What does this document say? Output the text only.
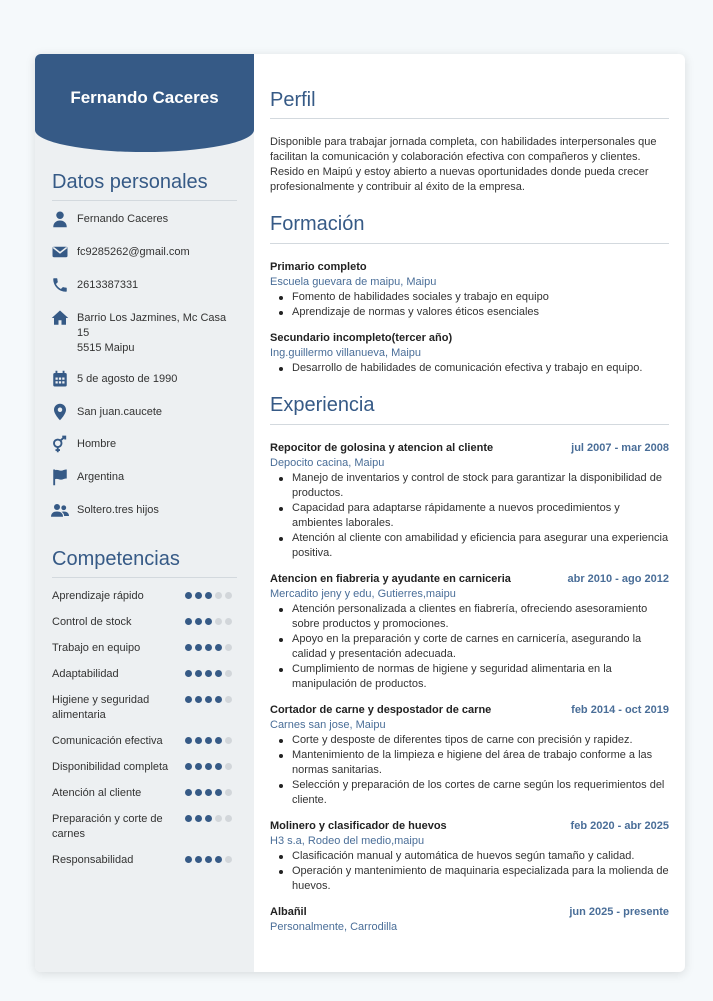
Fernando Caceres
Datos personales
Fernando Caceres
fc9285262@gmail.com
2613387331
Barrio Los Jazmines, Mc Casa 15
5515 Maipu
5 de agosto de 1990
San juan.caucete
Hombre
Argentina
Soltero.tres hijos
Competencias
Aprendizaje rápido
Control de stock
Trabajo en equipo
Adaptabilidad
Higiene y seguridad alimentaria
Comunicación efectiva
Disponibilidad completa
Atención al cliente
Preparación y corte de carnes
Responsabilidad
Perfil
Disponible para trabajar jornada completa, con habilidades interpersonales que facilitan la comunicación y colaboración efectiva con compañeros y clientes. Resido en Maipú y estoy abierto a nuevas oportunidades donde pueda crecer profesionalmente y contribuir al éxito de la empresa.
Formación
Primario completo
Escuela guevara de maipu, Maipu
Fomento de habilidades sociales y trabajo en equipo
Aprendizaje de normas y valores éticos esenciales
Secundario incompleto(tercer año)
Ing.guillermo villanueva, Maipu
Desarrollo de habilidades de comunicación efectiva y trabajo en equipo.
Experiencia
Repocitor de golosina y atencion al cliente	jul 2007 - mar 2008
Depocito cacina, Maipu
Manejo de inventarios y control de stock para garantizar la disponibilidad de productos.
Capacidad para adaptarse rápidamente a nuevos procedimientos y ambientes laborales.
Atención al cliente con amabilidad y eficiencia para asegurar una experiencia positiva.
Atencion en fiabreria y ayudante en carniceria	abr 2010 - ago 2012
Mercadito jeny y edu, Gutierres,maipu
Atención personalizada a clientes en fiabrería, ofreciendo asesoramiento sobre productos y promociones.
Apoyo en la preparación y corte de carnes en carnicería, asegurando la calidad y presentación adecuada.
Cumplimiento de normas de higiene y seguridad alimentaria en la manipulación de productos.
Cortador de carne y despostador de carne	feb 2014 - oct 2019
Carnes san jose, Maipu
Corte y desposte de diferentes tipos de carne con precisión y rapidez.
Mantenimiento de la limpieza e higiene del área de trabajo conforme a las normas sanitarias.
Selección y preparación de los cortes de carne según los requerimientos del cliente.
Molinero y clasificador de huevos	feb 2020 - abr 2025
H3 s.a, Rodeo del medio,maipu
Clasificación manual y automática de huevos según tamaño y calidad.
Operación y mantenimiento de maquinaria especializada para la molienda de huevos.
Albañil	jun 2025 - presente
Personalmente, Carrodilla
